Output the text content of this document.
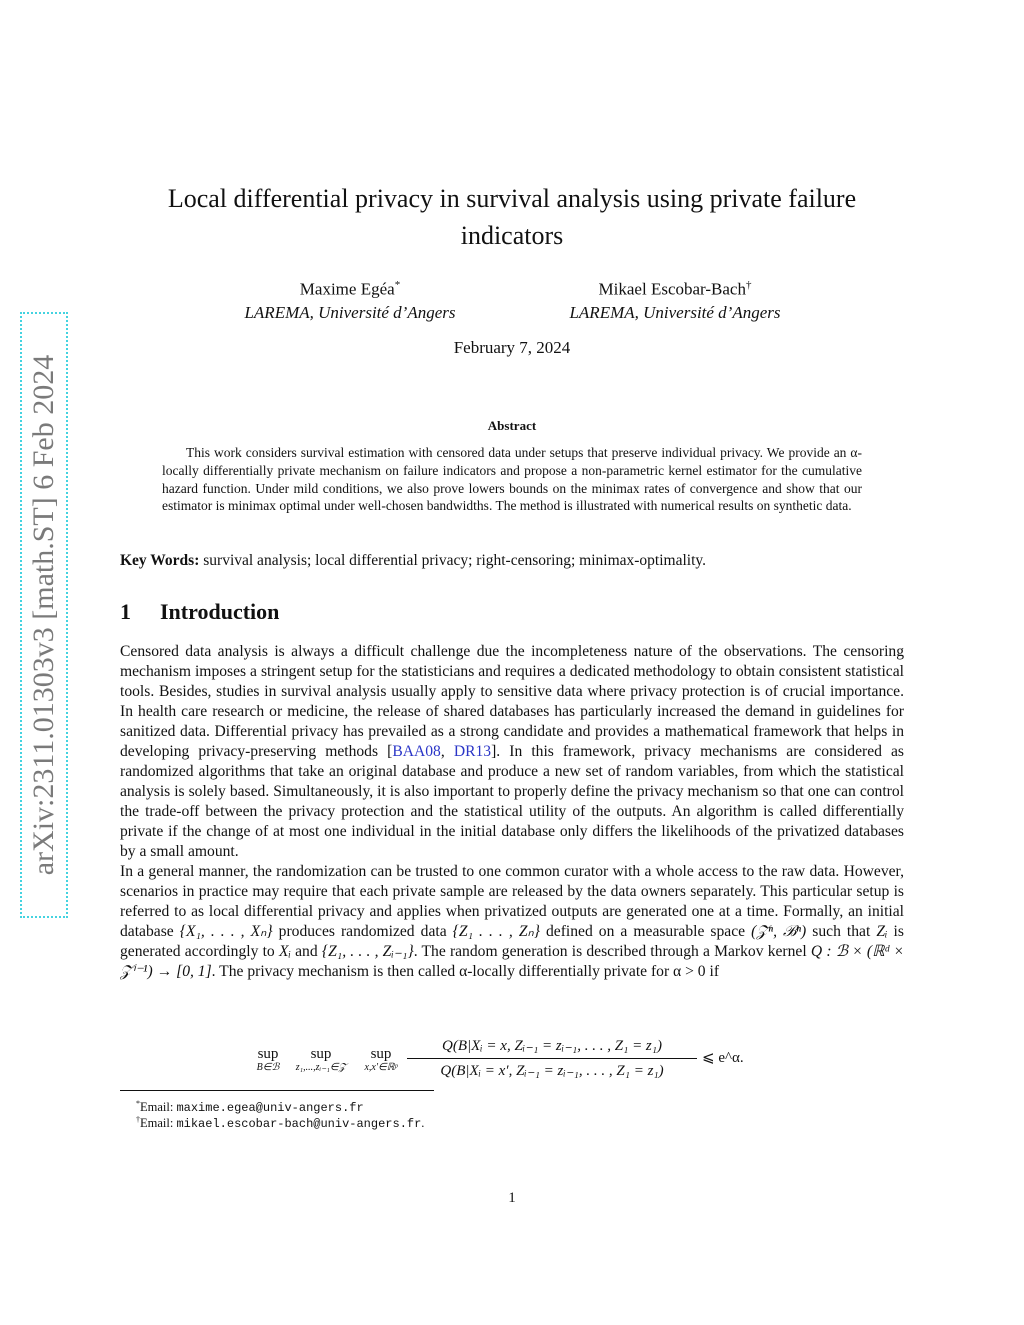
arXiv:2311.01303v3 [math.ST] 6 Feb 2024
Local differential privacy in survival analysis using private failure indicators
Maxime Egéa*
LAREMA, Université d’Angers
Mikael Escobar-Bach†
LAREMA, Université d’Angers
February 7, 2024
Abstract
This work considers survival estimation with censored data under setups that preserve individual privacy. We provide an α-locally differentially private mechanism on failure indicators and propose a non-parametric kernel estimator for the cumulative hazard function. Under mild conditions, we also prove lowers bounds on the minimax rates of convergence and show that our estimator is minimax optimal under well-chosen bandwidths. The method is illustrated with numerical results on synthetic data.
Key Words: survival analysis; local differential privacy; right-censoring; minimax-optimality.
1 Introduction

Censored data analysis is always a difficult challenge due the incompleteness nature of the observations. The censoring mechanism imposes a stringent setup for the statisticians and requires a dedicated methodology to obtain consistent statistical tools. Besides, studies in survival analysis usually apply to sensitive data where privacy protection is of crucial importance. In health care research or medicine, the release of shared databases has particularly increased the demand in guidelines for sanitized data. Differential privacy has prevailed as a strong candidate and provides a mathematical framework that helps in developing privacy-preserving methods [BAA08, DR13]. In this framework, privacy mechanisms are considered as randomized algorithms that take an original database and produce a new set of random variables, from which the statistical analysis is solely based. Simultaneously, it is also important to properly define the privacy mechanism so that one can control the trade-off between the privacy protection and the statistical utility of the outputs. An algorithm is called differentially private if the change of at most one individual in the initial database only differs the likelihoods of the privatized databases by a small amount.

In a general manner, the randomization can be trusted to one common curator with a whole access to the raw data. However, scenarios in practice may require that each private sample are released by the data owners separately. This particular setup is referred to as local differential privacy and applies when privatized outputs are generated one at a time. Formally, an initial database {X₁, . . . , Xₙ} produces randomized data {Z₁ . . . , Zₙ} defined on a measurable space (𝒵ⁿ, ℬⁿ) such that Zᵢ is generated accordingly to Xᵢ and {Z₁, . . . , Zᵢ₋₁}. The random generation is described through a Markov kernel Q : ℬ × (ℝᵈ × 𝒵ⁱ⁻¹) → [0, 1]. The privacy mechanism is then called α-locally differentially private for α > 0 if

sup
B∈ℬ
sup
z₁,...,zᵢ₋₁∈𝒵
sup
x,x′∈ℝᵖ
Q(B|Xᵢ = x, Zᵢ₋₁ = zᵢ₋₁, . . . , Z₁ = z₁)
Q(B|Xᵢ = x′, Zᵢ₋₁ = zᵢ₋₁, . . . , Z₁ = z₁)
⩽ e^α.
*Email: maxime.egea@univ-angers.fr
†Email: mikael.escobar-bach@univ-angers.fr.
1
